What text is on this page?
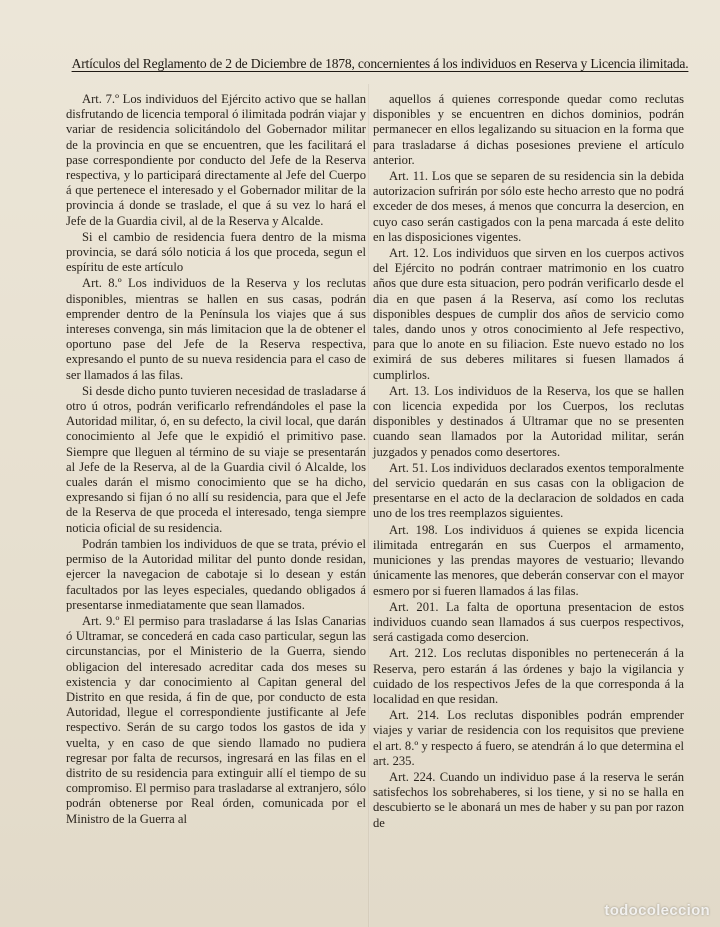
Artículos del Reglamento de 2 de Diciembre de 1878, concernientes á los individuos en Reserva y Licencia ilimitada.

Art. 7.º Los individuos del Ejército activo que se hallan disfrutando de licencia temporal ó ilimitada podrán viajar y variar de residencia solicitándolo del Gobernador militar de la provincia en que se encuentren, que les facilitará el pase correspondiente por conducto del Jefe de la Reserva respectiva, y lo participará directamente al Jefe del Cuerpo á que pertenece el interesado y el Gobernador militar de la provincia á donde se traslade, el que á su vez lo hará el Jefe de la Guardia civil, al de la Reserva y Alcalde.

Si el cambio de residencia fuera dentro de la misma provincia, se dará sólo noticia á los que proceda, segun el espíritu de este artículo

Art. 8.º Los individuos de la Reserva y los reclutas disponibles, mientras se hallen en sus casas, podrán emprender dentro de la Península los viajes que á sus intereses convenga, sin más limitacion que la de obtener el oportuno pase del Jefe de la Reserva respectiva, expresando el punto de su nueva residencia para el caso de ser llamados á las filas.

Si desde dicho punto tuvieren necesidad de trasladarse á otro ú otros, podrán verificarlo refrendándoles el pase la Autoridad militar, ó, en su defecto, la civil local, que darán conocimiento al Jefe que le expidió el primitivo pase. Siempre que lleguen al término de su viaje se presentarán al Jefe de la Reserva, al de la Guardia civil ó Alcalde, los cuales darán el mismo conocimiento que se ha dicho, expresando si fijan ó no allí su residencia, para que el Jefe de la Reserva de que proceda el interesado, tenga siempre noticia oficial de su residencia.

Podrán tambien los individuos de que se trata, prévio el permiso de la Autoridad militar del punto donde residan, ejercer la navegacion de cabotaje si lo desean y están facultados por las leyes especiales, quedando obligados á presentarse inmediatamente que sean llamados.

Art. 9.º El permiso para trasladarse á las Islas Canarias ó Ultramar, se concederá en cada caso particular, segun las circunstancias, por el Ministerio de la Guerra, siendo obligacion del interesado acreditar cada dos meses su existencia y dar conocimiento al Capitan general del Distrito en que resida, á fin de que, por conducto de esta Autoridad, llegue el correspondiente justificante al Jefe respectivo. Serán de su cargo todos los gastos de ida y vuelta, y en caso de que siendo llamado no pudiera regresar por falta de recursos, ingresará en las filas en el distrito de su residencia para extinguir allí el tiempo de su compromiso. El permiso para trasladarse al extranjero, sólo podrán obtenerse por Real órden, comunicada por el Ministro de la Guerra al

aquellos á quienes corresponde quedar como reclutas disponibles y se encuentren en dichos dominios, podrán permanecer en ellos legalizando su situacion en la forma que para trasladarse á dichas posesiones previene el artículo anterior.

Art. 11. Los que se separen de su residencia sin la debida autorizacion sufrirán por sólo este hecho arresto que no podrá exceder de dos meses, á menos que concurra la desercion, en cuyo caso serán castigados con la pena marcada á este delito en las disposiciones vigentes.

Art. 12. Los individuos que sirven en los cuerpos activos del Ejército no podrán contraer matrimonio en los cuatro años que dure esta situacion, pero podrán verificarlo desde el dia en que pasen á la Reserva, así como los reclutas disponibles despues de cumplir dos años de servicio como tales, dando unos y otros conocimiento al Jefe respectivo, para que lo anote en su filiacion. Este nuevo estado no los eximirá de sus deberes militares si fuesen llamados á cumplirlos.

Art. 13. Los individuos de la Reserva, los que se hallen con licencia expedida por los Cuerpos, los reclutas disponibles y destinados á Ultramar que no se presenten cuando sean llamados por la Autoridad militar, serán juzgados y penados como desertores.

Art. 51. Los individuos declarados exentos temporalmente del servicio quedarán en sus casas con la obligacion de presentarse en el acto de la declaracion de soldados en cada uno de los tres reemplazos siguientes.

Art. 198. Los individuos á quienes se expida licencia ilimitada entregarán en sus Cuerpos el armamento, municiones y las prendas mayores de vestuario; llevando únicamente las menores, que deberán conservar con el mayor esmero por si fueren llamados á las filas.

Art. 201. La falta de oportuna presentacion de estos individuos cuando sean llamados á sus cuerpos respectivos, será castigada como desercion.

Art. 212. Los reclutas disponibles no pertenecerán á la Reserva, pero estarán á las órdenes y bajo la vigilancia y cuidado de los respectivos Jefes de la que corresponda á la localidad en que residan.

Art. 214. Los reclutas disponibles podrán emprender viajes y variar de residencia con los requisitos que previene el art. 8.º y respecto á fuero, se atendrán á lo que determina el art. 235.

Art. 224. Cuando un individuo pase á la reserva le serán satisfechos los sobrehaberes, si los tiene, y si no se halla en descubierto se le abonará un mes de haber y su pan por razon de

todocoleccion
